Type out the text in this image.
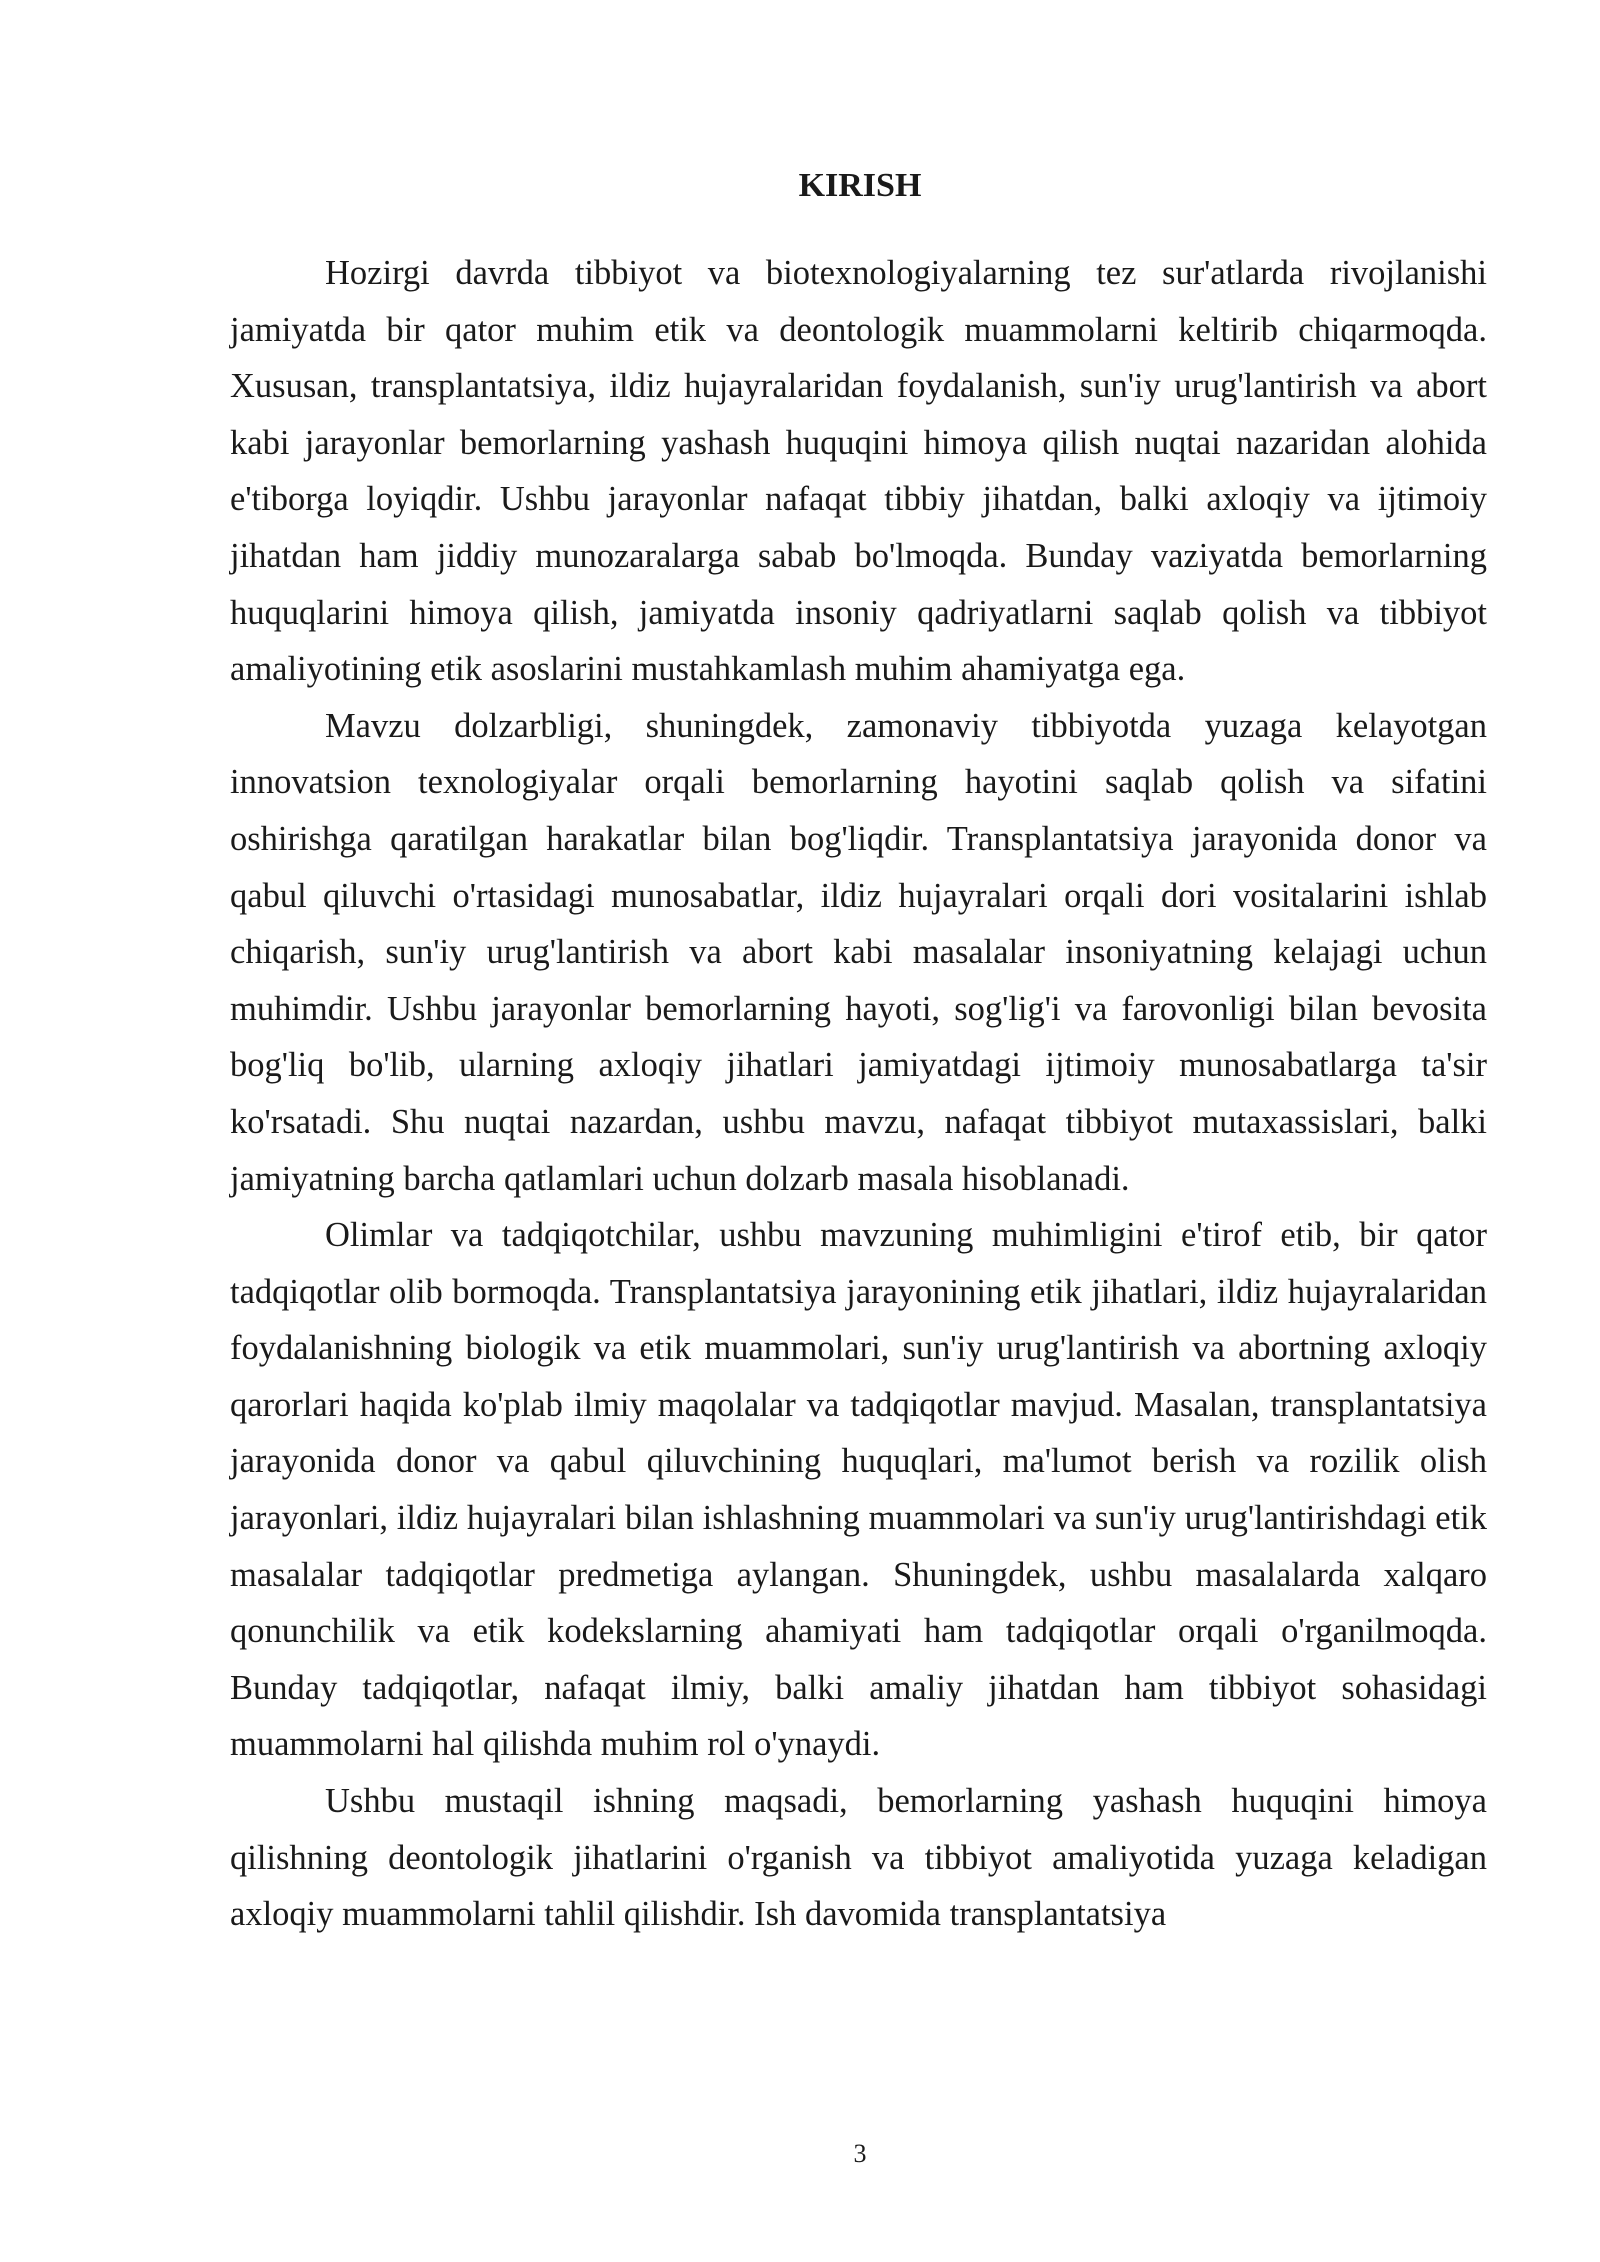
KIRISH

Hozirgi davrda tibbiyot va biotexnologiyalarning tez sur'atlarda rivojlanishi jamiyatda bir qator muhim etik va deontologik muammolarni keltirib chiqarmoqda. Xususan, transplantatsiya, ildiz hujayralaridan foydalanish, sun'iy urug'lantirish va abort kabi jarayonlar bemorlarning yashash huquqini himoya qilish nuqtai nazaridan alohida e'tiborga loyiqdir. Ushbu jarayonlar nafaqat tibbiy jihatdan, balki axloqiy va ijtimoiy jihatdan ham jiddiy munozaralarga sabab bo'lmoqda. Bunday vaziyatda bemorlarning huquqlarini himoya qilish, jamiyatda insoniy qadriyatlarni saqlab qolish va tibbiyot amaliyotining etik asoslarini mustahkamlash muhim ahamiyatga ega.

Mavzu dolzarbligi, shuningdek, zamonaviy tibbiyotda yuzaga kelayotgan innovatsion texnologiyalar orqali bemorlarning hayotini saqlab qolish va sifatini oshirishga qaratilgan harakatlar bilan bog'liqdir. Transplantatsiya jarayonida donor va qabul qiluvchi o'rtasidagi munosabatlar, ildiz hujayralari orqali dori vositalarini ishlab chiqarish, sun'iy urug'lantirish va abort kabi masalalar insoniyatning kelajagi uchun muhimdir. Ushbu jarayonlar bemorlarning hayoti, sog'lig'i va farovonligi bilan bevosita bog'liq bo'lib, ularning axloqiy jihatlari jamiyatdagi ijtimoiy munosabatlarga ta'sir ko'rsatadi. Shu nuqtai nazardan, ushbu mavzu, nafaqat tibbiyot mutaxassislari, balki jamiyatning barcha qatlamlari uchun dolzarb masala hisoblanadi.

Olimlar va tadqiqotchilar, ushbu mavzuning muhimligini e'tirof etib, bir qator tadqiqotlar olib bormoqda. Transplantatsiya jarayonining etik jihatlari, ildiz hujayralaridan foydalanishning biologik va etik muammolari, sun'iy urug'lantirish va abortning axloqiy qarorlari haqida ko'plab ilmiy maqolalar va tadqiqotlar mavjud. Masalan, transplantatsiya jarayonida donor va qabul qiluvchining huquqlari, ma'lumot berish va rozilik olish jarayonlari, ildiz hujayralari bilan ishlashning muammolari va sun'iy urug'lantirishdagi etik masalalar tadqiqotlar predmetiga aylangan. Shuningdek, ushbu masalalarda xalqaro qonunchilik va etik kodekslarning ahamiyati ham tadqiqotlar orqali o'rganilmoqda. Bunday tadqiqotlar, nafaqat ilmiy, balki amaliy jihatdan ham tibbiyot sohasidagi muammolarni hal qilishda muhim rol o'ynaydi.

Ushbu mustaqil ishning maqsadi, bemorlarning yashash huquqini himoya qilishning deontologik jihatlarini o'rganish va tibbiyot amaliyotida yuzaga keladigan axloqiy muammolarni tahlil qilishdir. Ish davomida transplantatsiya

3
